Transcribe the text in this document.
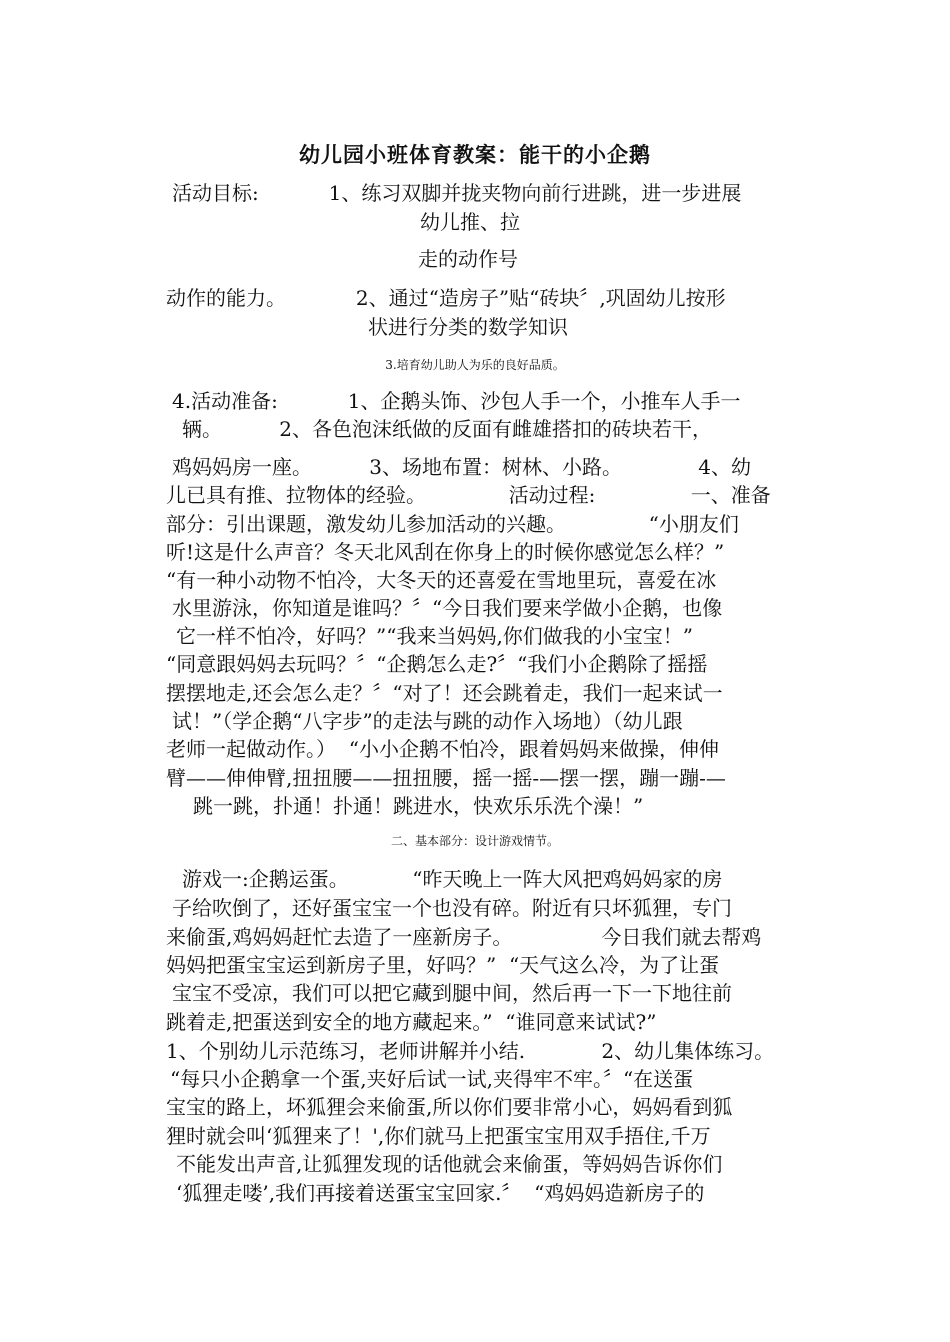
幼儿园小班体育教案：能干的小企鹅
活动目标:           1、练习双脚并拢夹物向前行进跳，进一步进展
幼儿推、拉
走的动作号
动作的能力。           2、通过“造房子”贴“砖块〞,巩固幼儿按形
状进行分类的数学知识
3.培育幼儿助人为乐的良好品质。
4.活动准备:           1、企鹅头饰、沙包人手一个，小推车人手一
辆。         2、各色泡沫纸做的反面有雌雄搭扣的砖块若干，
鸡妈妈房一座。         3、场地布置：树林、小路。            4、幼
儿已具有推、拉物体的经验。             活动过程:               一、准备
部分：引出课题，激发幼儿参加活动的兴趣。             “小朋友们
听!这是什么声音？冬天北风刮在你身上的时候你感觉怎么样？”
“有一种小动物不怕冷，大冬天的还喜爱在雪地里玩，喜爱在冰
水里游泳，你知道是谁吗？〞“今日我们要来学做小企鹅，也像
它一样不怕冷，好吗？”“我来当妈妈,你们做我的小宝宝！”
“同意跟妈妈去玩吗？〞“企鹅怎么走?〞“我们小企鹅除了摇摇
摆摆地走,还会怎么走？〞“对了！还会跳着走，我们一起来试一
试！”（学企鹅“八字步”的走法与跳的动作入场地）（幼儿跟
老师一起做动作。）  “小小企鹅不怕冷，跟着妈妈来做操，伸伸
臂——伸伸臂,扭扭腰——扭扭腰，摇一摇-—摆一摆，蹦一蹦-—
跳一跳，扑通！扑通！跳进水，快欢乐乐洗个澡！”
二、基本部分：设计游戏情节。
游戏一:企鹅运蛋。          “昨天晚上一阵大风把鸡妈妈家的房
子给吹倒了，还好蛋宝宝一个也没有碎。附近有只坏狐狸，专门
来偷蛋,鸡妈妈赶忙去造了一座新房子。              今日我们就去帮鸡
妈妈把蛋宝宝运到新房子里，好吗？”  “天气这么冷，为了让蛋
宝宝不受凉，我们可以把它藏到腿中间，然后再一下一下地往前
跳着走,把蛋送到安全的地方藏起来。”  “谁同意来试试?”
1、个别幼儿示范练习，老师讲解并小结.            2、幼儿集体练习。
“每只小企鹅拿一个蛋,夹好后试一试,夹得牢不牢。〞“在送蛋
宝宝的路上，坏狐狸会来偷蛋,所以你们要非常小心，妈妈看到狐
狸时就会叫‘狐狸来了！',你们就马上把蛋宝宝用双手捂住,千万
不能发出声音,让狐狸发现的话他就会来偷蛋，等妈妈告诉你们
‘狐狸走喽’,我们再接着送蛋宝宝回家.〞  “鸡妈妈造新房子的
